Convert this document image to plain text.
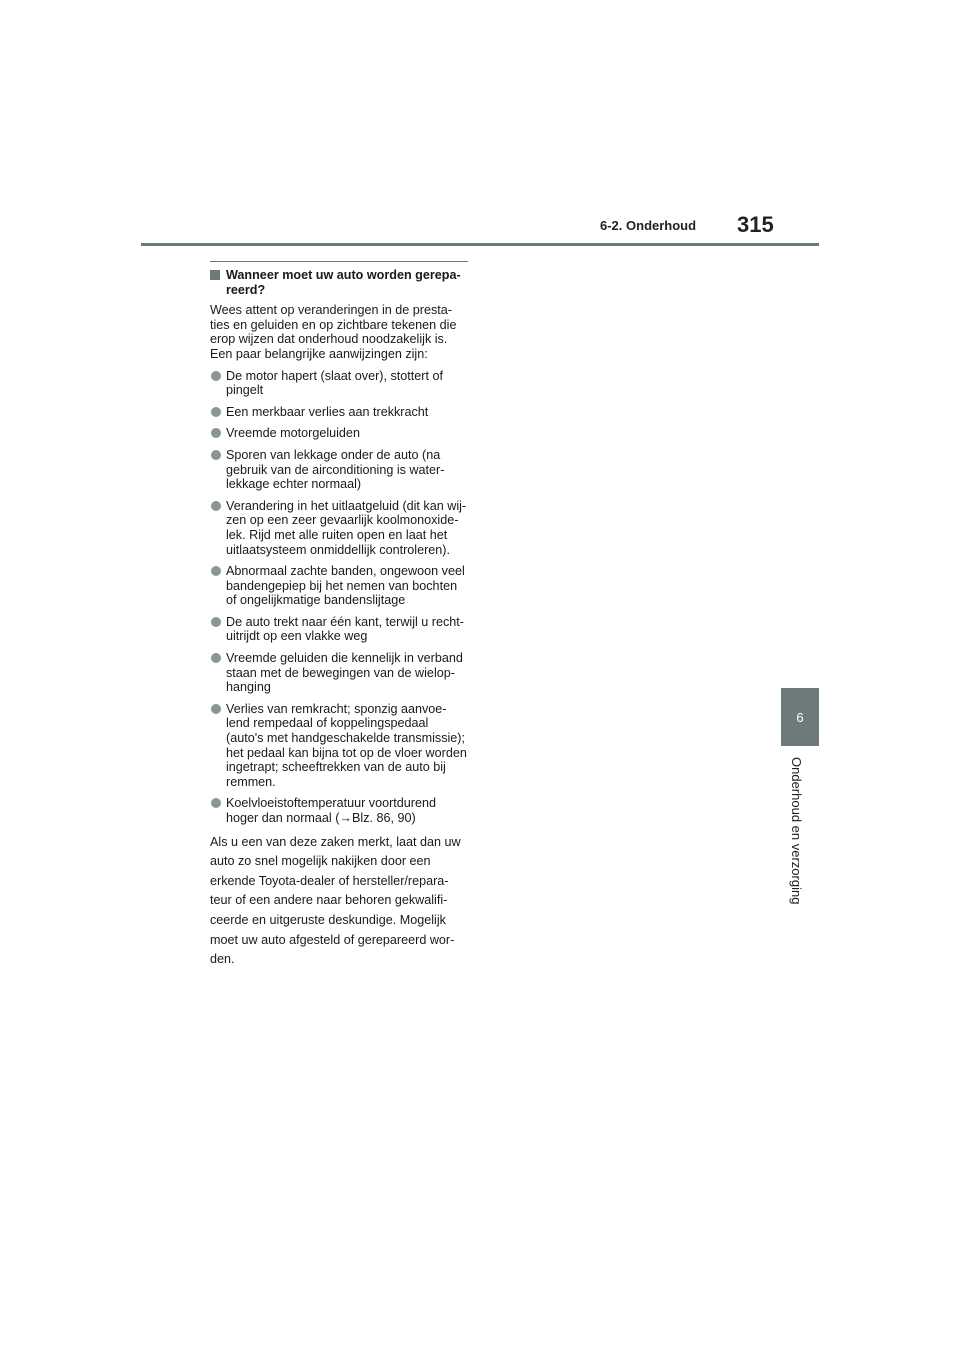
6-2. Onderhoud 315
6
Onderhoud en verzorging
Wanneer moet uw auto worden gerepa-
reerd?

Wees attent op veranderingen in de presta-
ties en geluiden en op zichtbare tekenen die
erop wijzen dat onderhoud noodzakelijk is.
Een paar belangrijke aanwijzingen zijn:

De motor hapert (slaat over), stottert of
pingelt
Een merkbaar verlies aan trekkracht
Vreemde motorgeluiden
Sporen van lekkage onder de auto (na
gebruik van de airconditioning is water-
lekkage echter normaal)
Verandering in het uitlaatgeluid (dit kan wij-
zen op een zeer gevaarlijk koolmonoxide-
lek. Rijd met alle ruiten open en laat het
uitlaatsysteem onmiddellijk controleren).
Abnormaal zachte banden, ongewoon veel
bandengepiep bij het nemen van bochten
of ongelijkmatige bandenslijtage
De auto trekt naar één kant, terwijl u recht-
uitrijdt op een vlakke weg
Vreemde geluiden die kennelijk in verband
staan met de bewegingen van de wielop-
hanging
Verlies van remkracht; sponzig aanvoe-
lend rempedaal of koppelingspedaal
(auto's met handgeschakelde transmissie);
het pedaal kan bijna tot op de vloer worden
ingetrapt; scheeftrekken van de auto bij
remmen.
Koelvloeistoftemperatuur voortdurend
hoger dan normaal (→Blz. 86, 90)

Als u een van deze zaken merkt, laat dan uw
auto zo snel mogelijk nakijken door een
erkende Toyota-dealer of hersteller/repara-
teur of een andere naar behoren gekwalifi-
ceerde en uitgeruste deskundige. Mogelijk
moet uw auto afgesteld of gerepareerd wor-
den.
